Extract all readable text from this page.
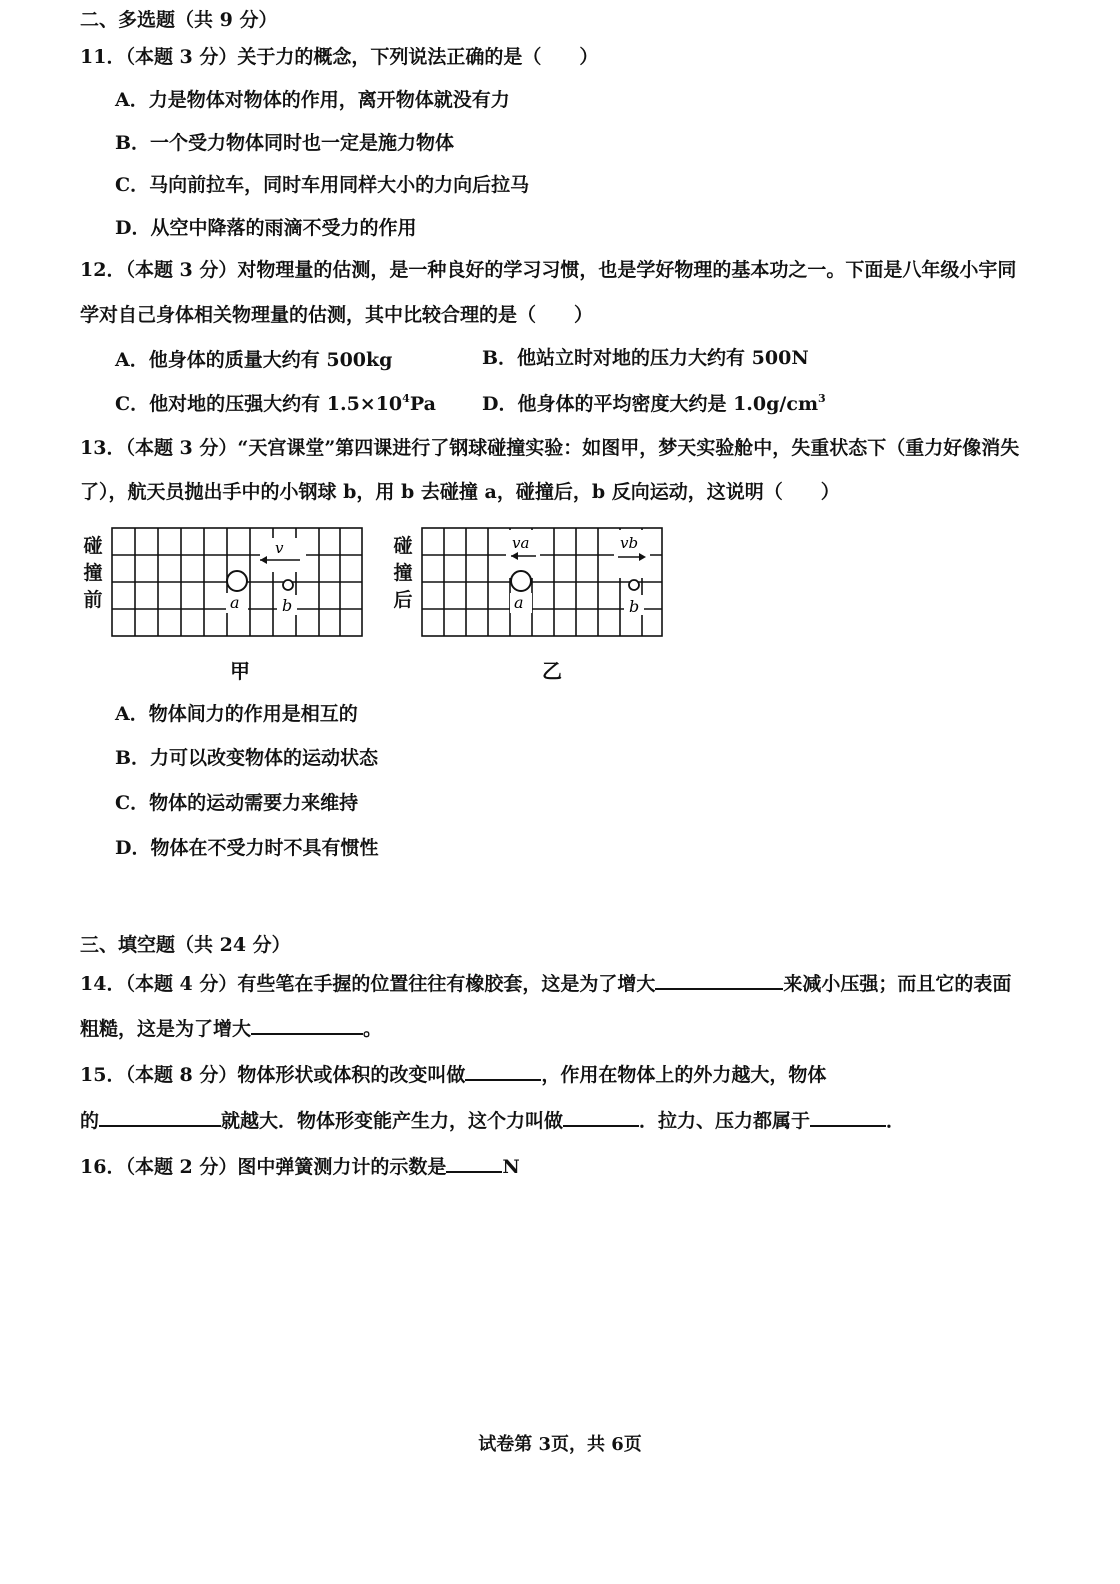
二、多选题（共 9 分）
11．（本题 3 分）关于力的概念，下列说法正确的是（　　）
A．力是物体对物体的作用，离开物体就没有力
B．一个受力物体同时也一定是施力物体
C．马向前拉车，同时车用同样大小的力向后拉马
D．从空中降落的雨滴不受力的作用
12．（本题 3 分）对物理量的估测，是一种良好的学习习惯，也是学好物理的基本功之一。下面是八年级小宇同
学对自己身体相关物理量的估测，其中比较合理的是（　　）
A．他身体的质量大约有 500kg	B．他站立时对地的压力大约有 500N
C．他对地的压强大约有 $1.5\times 10^4Pa$ D．他身体的平均密度大约是 $1.0g/cm^3$
13．（本题 3 分）“天宫课堂”第四课进行了钢球碰撞实验：如图甲，梦天实验舱中，失重状态下（重力好像消失
了），航天员抛出手中的小钢球 b，用 b 去碰撞 a，碰撞后，b 反向运动，这说明（　　）
碰
撞
前
v
a	b
甲
碰
撞
后
va	vb
a	b
乙
A．物体间力的作用是相互的
B．力可以改变物体的运动状态
C．物体的运动需要力来维持
D．物体在不受力时不具有惯性
三、填空题（共 24 分）
14．（本题 4 分）有些笔在手握的位置往往有橡胶套，这是为了增大	来减小压强；而且它的表面
粗糙，这是为了增大	。
15．（本题 8 分）物体形状或体积的改变叫做	，作用在物体上的外力越大，物体
的	就越大．物体形变能产生力，这个力叫做	．拉力、压力都属于	．
16．（本题 2 分）图中弹簧测力计的示数是	N
试卷第 3页，共 6页
